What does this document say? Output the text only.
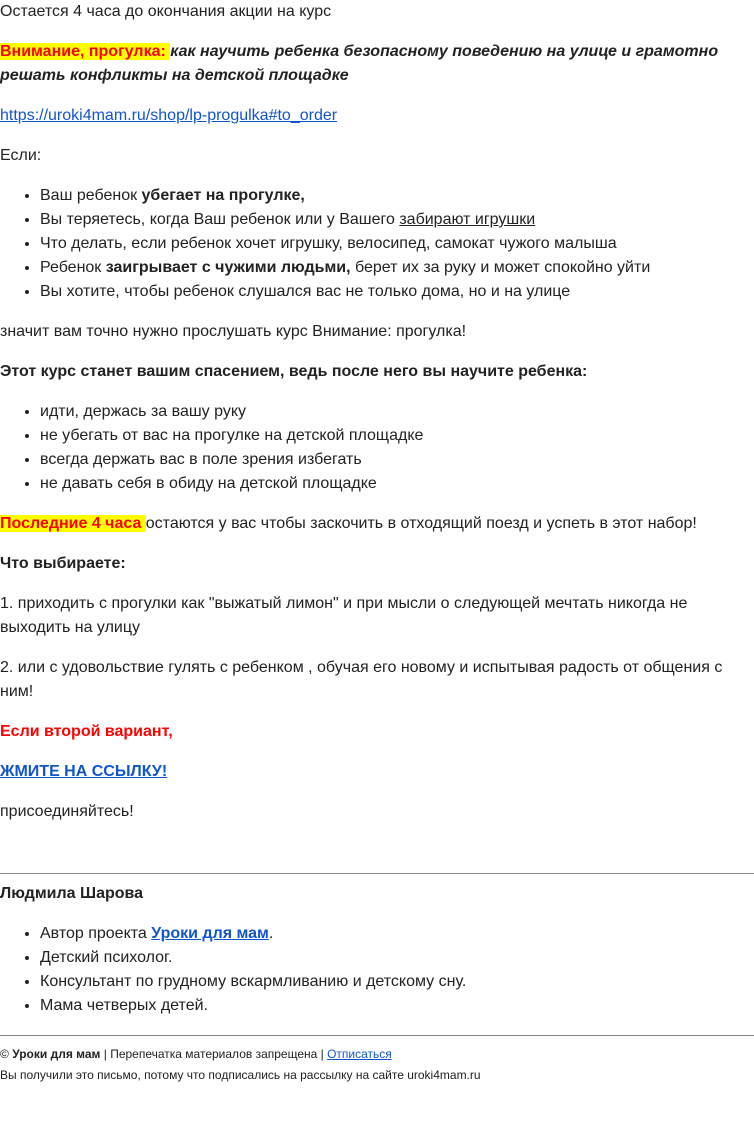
Остается 4 часа до окончания акции на курс

Внимание, прогулка: как научить ребенка безопасному поведению на улице и грамотно решать конфликты на детской площадке

https://uroki4mam.ru/shop/lp-progulka#to_order

Если:

• Ваш ребенок убегает на прогулке,
• Вы теряетесь, когда Ваш ребенок или у Вашего забирают игрушки
• Что делать, если ребенок хочет игрушку, велосипед, самокат чужого малыша
• Ребенок заигрывает с чужими людьми, берет их за руку и может спокойно уйти
• Вы хотите, чтобы ребенок слушался вас не только дома, но и на улице

значит вам точно нужно прослушать курс Внимание: прогулка!

Этот курс станет вашим спасением, ведь после него вы научите ребенка:

• идти, держась за вашу руку
• не убегать от вас на прогулке на детской площадке
• всегда держать вас в поле зрения избегать
• не давать себя в обиду на детской площадке

Последние 4 часа остаются у вас чтобы заскочить в отходящий поезд и успеть в этот набор!

Что выбираете:

1. приходить с прогулки как "выжатый лимон" и при мысли о следующей мечтать никогда не выходить на улицу

2. или с удовольствие гулять с ребенком , обучая его новому и испытывая радость от общения с ним!

Если второй вариант,

ЖМИТЕ НА ССЫЛКУ!

присоединяйтесь!

Людмила Шарова

• Автор проекта Уроки для мам.
• Детский психолог.
• Консультант по грудному вскармливанию и детскому сну.
• Мама четверых детей.

© Уроки для мам | Перепечатка материалов запрещена | Отписаться

Вы получили это письмо, потому что подписались на рассылку на сайте uroki4mam.ru
